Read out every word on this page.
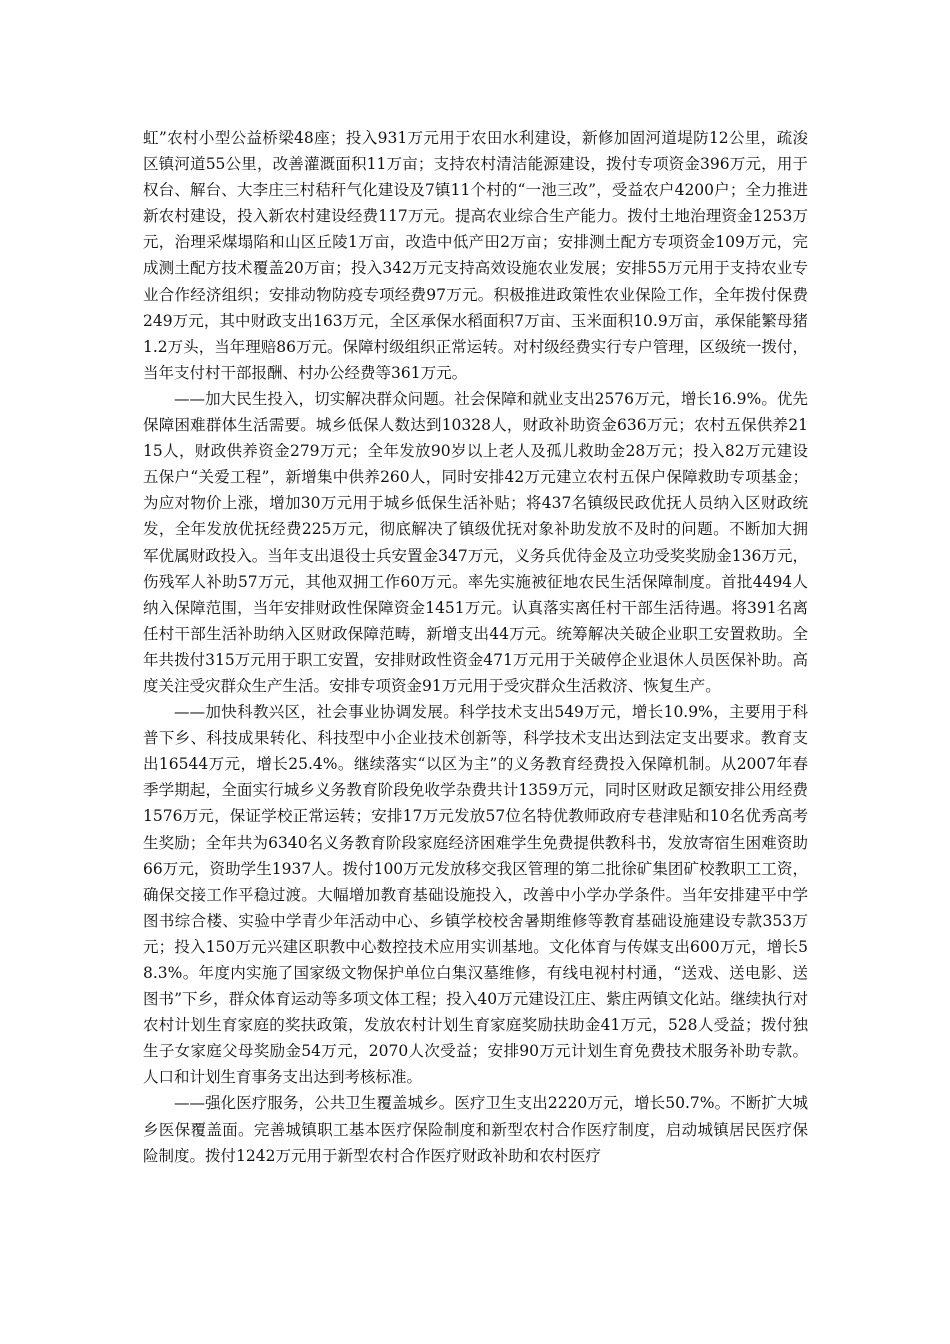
虹”农村小型公益桥梁48座；投入931万元用于农田水利建设，新修加固河道堤防12公里，疏浚区镇河道55公里，改善灌溉面积11万亩；支持农村清洁能源建设，拨付专项资金396万元，用于权台、解台、大李庄三村秸秆气化建设及7镇11个村的“一池三改”，受益农户4200户；全力推进新农村建设，投入新农村建设经费117万元。提高农业综合生产能力。拨付土地治理资金1253万元，治理采煤塌陷和山区丘陵1万亩，改造中低产田2万亩；安排测土配方专项资金109万元，完成测土配方技术覆盖20万亩；投入342万元支持高效设施农业发展；安排55万元用于支持农业专业合作经济组织；安排动物防疫专项经费97万元。积极推进政策性农业保险工作，全年拨付保费249万元，其中财政支出163万元，全区承保水稻面积7万亩、玉米面积10.9万亩，承保能繁母猪1.2万头，当年理赔86万元。保障村级组织正常运转。对村级经费实行专户管理，区级统一拨付，当年支付村干部报酬、村办公经费等361万元。

——加大民生投入，切实解决群众问题。社会保障和就业支出2576万元，增长16.9%。优先保障困难群体生活需要。城乡低保人数达到10328人，财政补助资金636万元；农村五保供养2115人，财政供养资金279万元；全年发放90岁以上老人及孤儿救助金28万元；投入82万元建设五保户“关爱工程”，新增集中供养260人，同时安排42万元建立农村五保户保障救助专项基金；为应对物价上涨，增加30万元用于城乡低保生活补贴；将437名镇级民政优抚人员纳入区财政统发，全年发放优抚经费225万元，彻底解决了镇级优抚对象补助发放不及时的问题。不断加大拥军优属财政投入。当年支出退役士兵安置金347万元，义务兵优待金及立功受奖奖励金136万元，伤残军人补助57万元，其他双拥工作60万元。率先实施被征地农民生活保障制度。首批4494人纳入保障范围，当年安排财政性保障资金1451万元。认真落实离任村干部生活待遇。将391名离任村干部生活补助纳入区财政保障范畴，新增支出44万元。统筹解决关破企业职工安置救助。全年共拨付315万元用于职工安置，安排财政性资金471万元用于关破停企业退休人员医保补助。高度关注受灾群众生产生活。安排专项资金91万元用于受灾群众生活救济、恢复生产。

——加快科教兴区，社会事业协调发展。科学技术支出549万元，增长10.9%，主要用于科普下乡、科技成果转化、科技型中小企业技术创新等，科学技术支出达到法定支出要求。教育支出16544万元，增长25.4%。继续落实“以区为主”的义务教育经费投入保障机制。从2007年春季学期起，全面实行城乡义务教育阶段免收学杂费共计1359万元，同时区财政足额安排公用经费1576万元，保证学校正常运转；安排17万元发放57位名特优教师政府专巷津贴和10名优秀高考生奖励；全年共为6340名义务教育阶段家庭经济困难学生免费提供教科书，发放寄宿生困难资助66万元，资助学生1937人。拨付100万元发放移交我区管理的第二批徐矿集团矿校教职工工资，确保交接工作平稳过渡。大幅增加教育基础设施投入，改善中小学办学条件。当年安排建平中学图书综合楼、实验中学青少年活动中心、乡镇学校校舍暑期维修等教育基础设施建设专款353万元；投入150万元兴建区职教中心数控技术应用实训基地。文化体育与传媒支出600万元，增长58.3%。年度内实施了国家级文物保护单位白集汉墓维修，有线电视村村通，“送戏、送电影、送图书”下乡，群众体育运动等多项文体工程；投入40万元建设江庄、紫庄两镇文化站。继续执行对农村计划生育家庭的奖扶政策，发放农村计划生育家庭奖励扶助金41万元，528人受益；拨付独生子女家庭父母奖励金54万元，2070人次受益；安排90万元计划生育免费技术服务补助专款。人口和计划生育事务支出达到考核标准。

——强化医疗服务，公共卫生覆盖城乡。医疗卫生支出2220万元，增长50.7%。不断扩大城乡医保覆盖面。完善城镇职工基本医疗保险制度和新型农村合作医疗制度，启动城镇居民医疗保险制度。拨付1242万元用于新型农村合作医疗财政补助和农村医疗
